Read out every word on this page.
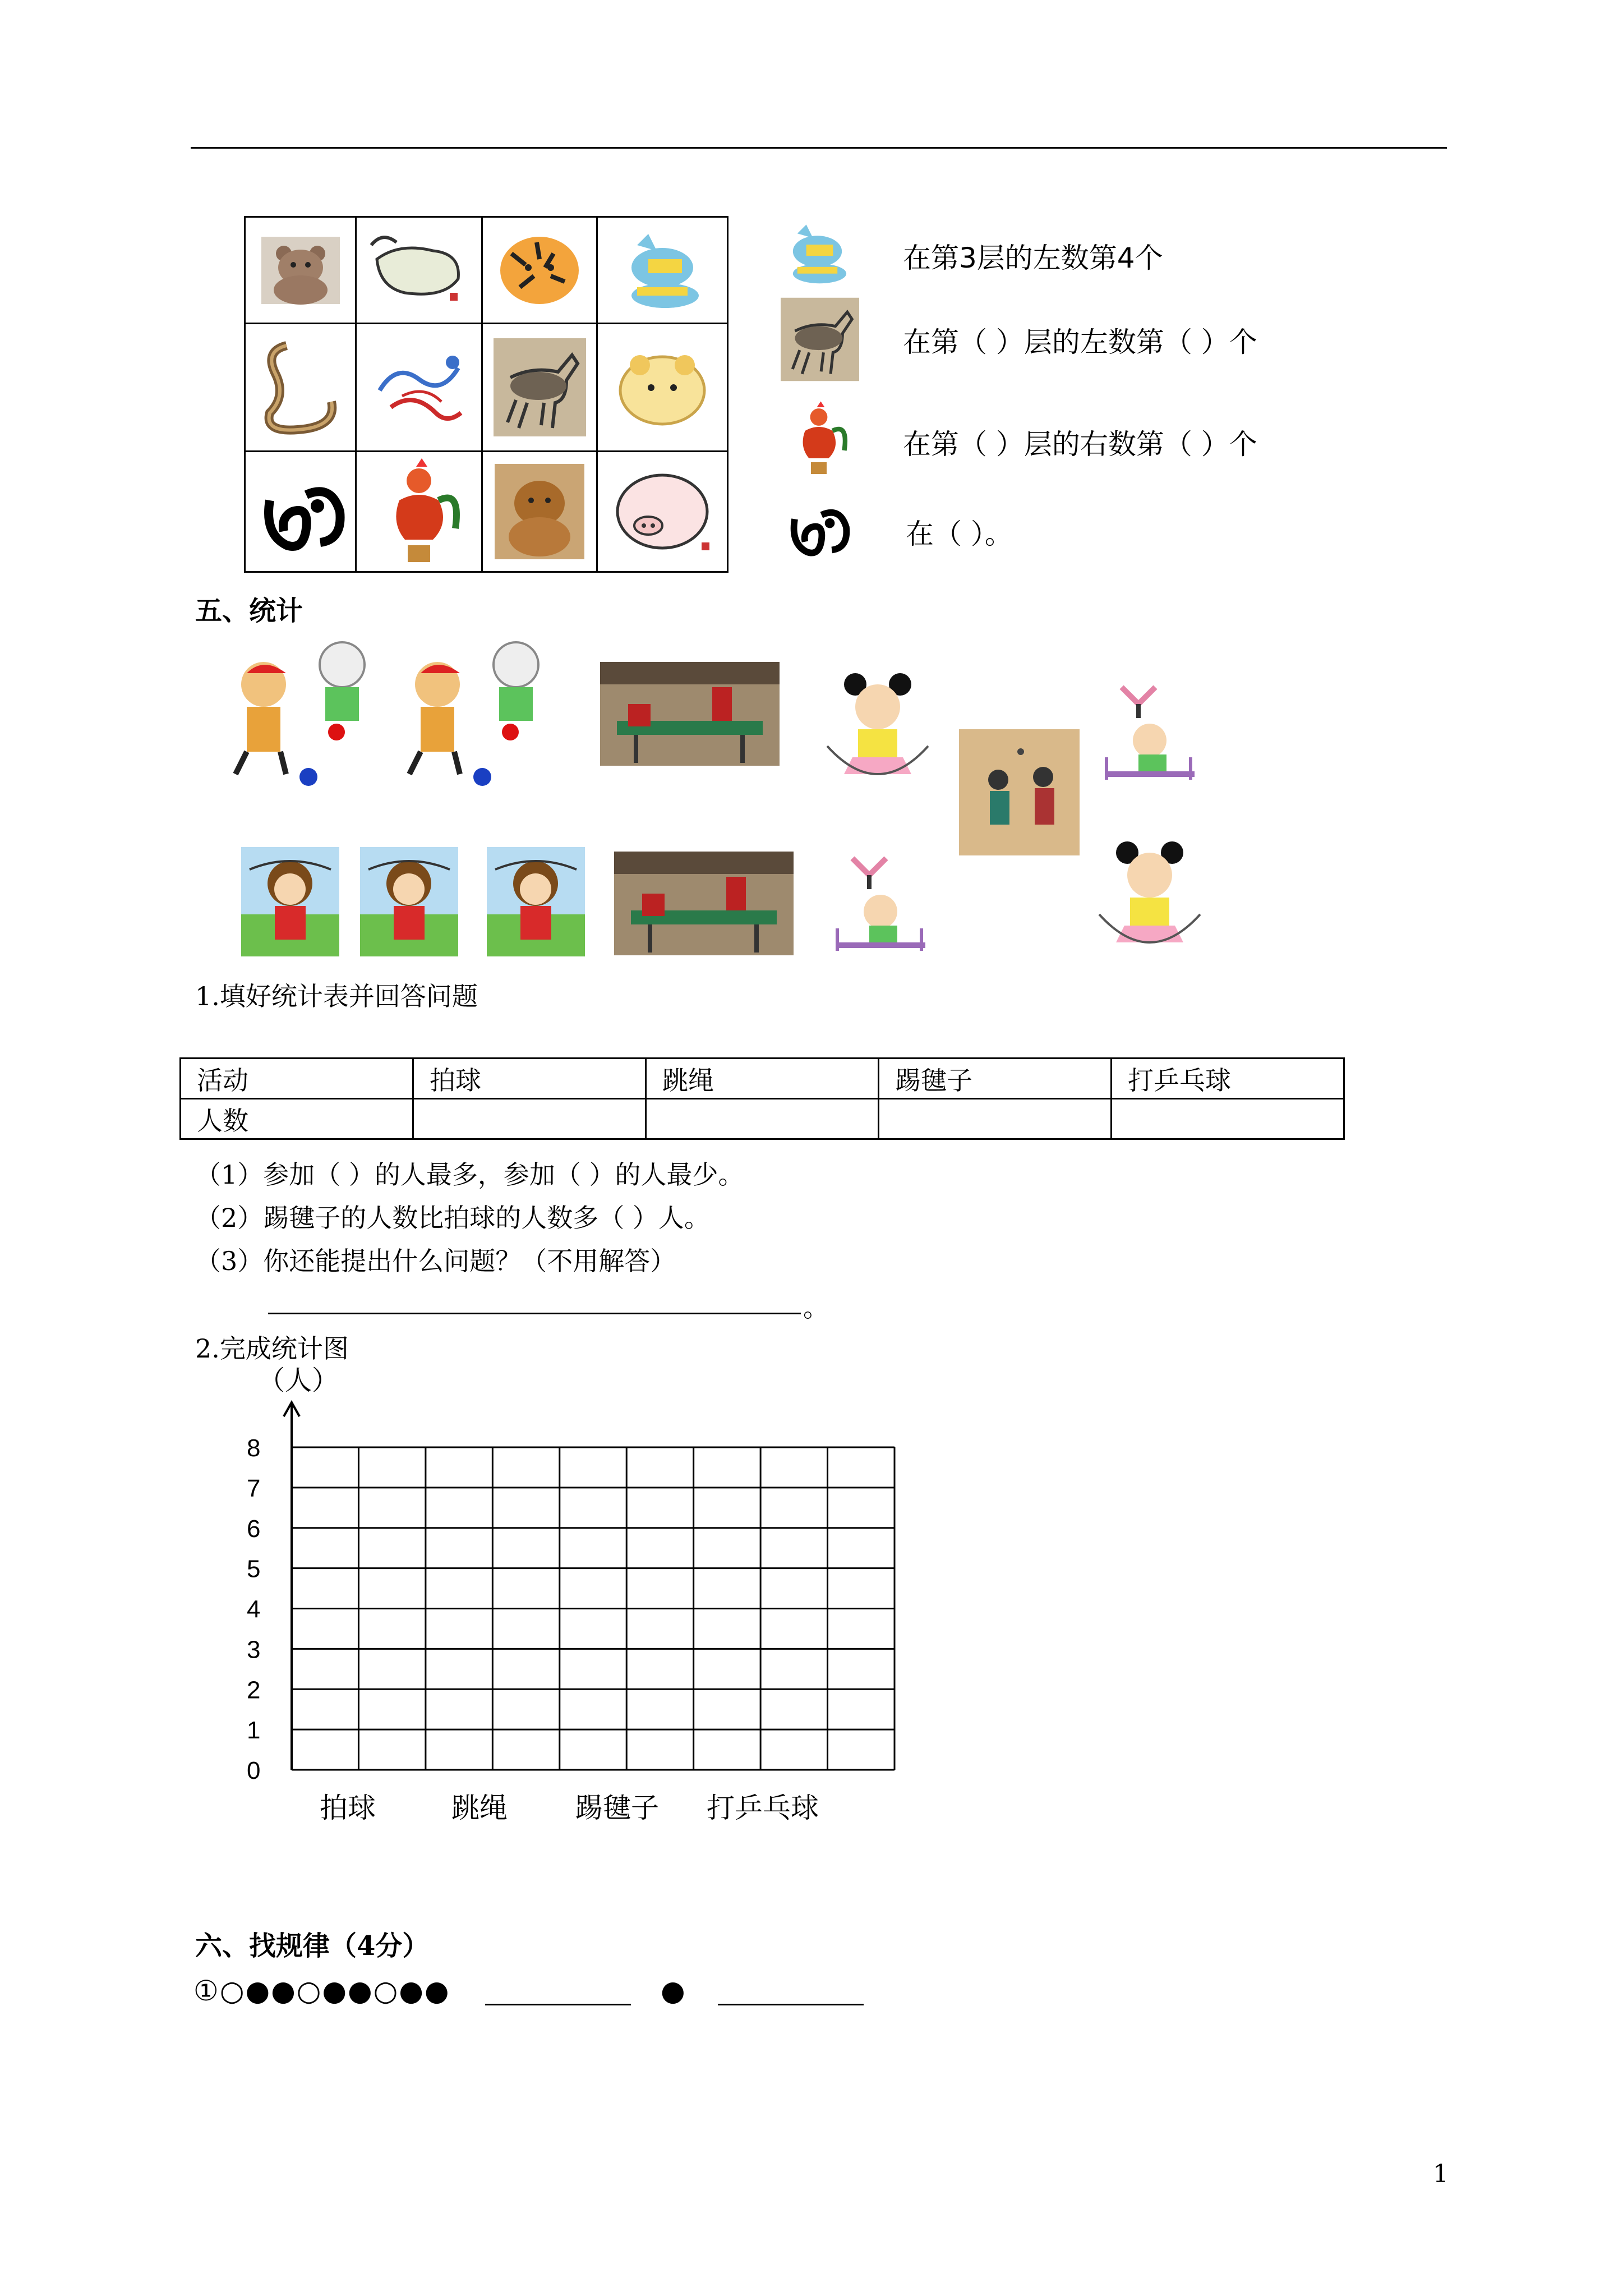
在第3层的左数第4个
在第（ ）层的左数第（ ）个
在第（ ）层的右数第（ ）个
在（ ）。
五、统计
1.填好统计表并回答问题
活动	拍球	跳绳	踢毽子	打乒乓球
人数				
（1）参加（ ）的人最多，参加（ ）的人最少。
（2）踢毽子的人数比拍球的人数多（ ）人。
（3）你还能提出什么问题？（不用解答）
。
2.完成统计图
（人）
0
1
2
3
4
5
6
7
8
拍球	跳绳 踢毽子 打乒乓球
六、找规律（4分）
①○●●○●●○●●	●
1
